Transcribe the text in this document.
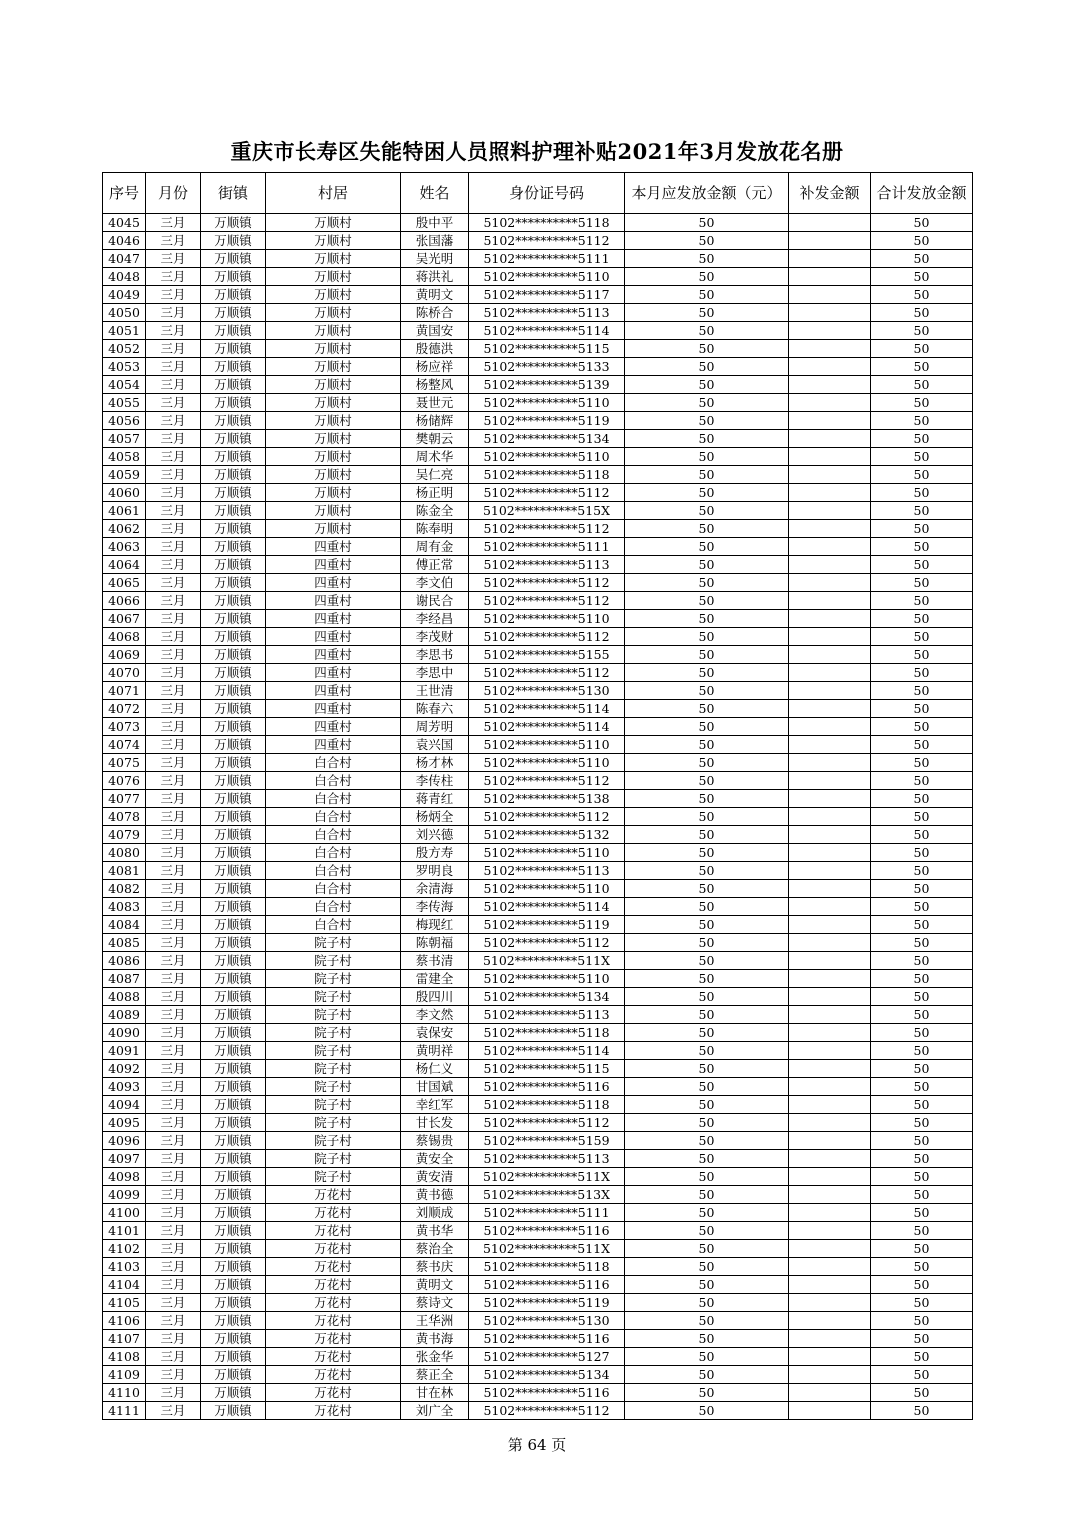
重庆市长寿区失能特困人员照料护理补贴2021年3月发放花名册
序号	月份	街镇	村居	姓名	身份证号码	本月应发放金额（元）	补发金额	合计发放金额
4045	三月	万顺镇	万顺村	殷中平	5102**********5118	50		50
4046	三月	万顺镇	万顺村	张国藩	5102**********5112	50		50
4047	三月	万顺镇	万顺村	吴光明	5102**********5111	50		50
4048	三月	万顺镇	万顺村	蒋洪礼	5102**********5110	50		50
4049	三月	万顺镇	万顺村	黄明文	5102**********5117	50		50
4050	三月	万顺镇	万顺村	陈桥合	5102**********5113	50		50
4051	三月	万顺镇	万顺村	黄国安	5102**********5114	50		50
4052	三月	万顺镇	万顺村	殷德洪	5102**********5115	50		50
4053	三月	万顺镇	万顺村	杨应祥	5102**********5133	50		50
4054	三月	万顺镇	万顺村	杨整风	5102**********5139	50		50
4055	三月	万顺镇	万顺村	聂世元	5102**********5110	50		50
4056	三月	万顺镇	万顺村	杨储辉	5102**********5119	50		50
4057	三月	万顺镇	万顺村	樊朝云	5102**********5134	50		50
4058	三月	万顺镇	万顺村	周术华	5102**********5110	50		50
4059	三月	万顺镇	万顺村	吴仁亮	5102**********5118	50		50
4060	三月	万顺镇	万顺村	杨正明	5102**********5112	50		50
4061	三月	万顺镇	万顺村	陈金全	5102**********515X	50		50
4062	三月	万顺镇	万顺村	陈奉明	5102**********5112	50		50
4063	三月	万顺镇	四重村	周有金	5102**********5111	50		50
4064	三月	万顺镇	四重村	傅正常	5102**********5113	50		50
4065	三月	万顺镇	四重村	李文伯	5102**********5112	50		50
4066	三月	万顺镇	四重村	谢民合	5102**********5112	50		50
4067	三月	万顺镇	四重村	李经昌	5102**********5110	50		50
4068	三月	万顺镇	四重村	李茂财	5102**********5112	50		50
4069	三月	万顺镇	四重村	李思书	5102**********5155	50		50
4070	三月	万顺镇	四重村	李思中	5102**********5112	50		50
4071	三月	万顺镇	四重村	王世清	5102**********5130	50		50
4072	三月	万顺镇	四重村	陈春六	5102**********5114	50		50
4073	三月	万顺镇	四重村	周芳明	5102**********5114	50		50
4074	三月	万顺镇	四重村	袁兴国	5102**********5110	50		50
4075	三月	万顺镇	白合村	杨才林	5102**********5110	50		50
4076	三月	万顺镇	白合村	李传柱	5102**********5112	50		50
4077	三月	万顺镇	白合村	蒋青红	5102**********5138	50		50
4078	三月	万顺镇	白合村	杨炳全	5102**********5112	50		50
4079	三月	万顺镇	白合村	刘兴德	5102**********5132	50		50
4080	三月	万顺镇	白合村	殷方寿	5102**********5110	50		50
4081	三月	万顺镇	白合村	罗明良	5102**********5113	50		50
4082	三月	万顺镇	白合村	余清海	5102**********5110	50		50
4083	三月	万顺镇	白合村	李传海	5102**********5114	50		50
4084	三月	万顺镇	白合村	梅现红	5102**********5119	50		50
4085	三月	万顺镇	院子村	陈朝福	5102**********5112	50		50
4086	三月	万顺镇	院子村	蔡书清	5102**********511X	50		50
4087	三月	万顺镇	院子村	雷建全	5102**********5110	50		50
4088	三月	万顺镇	院子村	殷四川	5102**********5134	50		50
4089	三月	万顺镇	院子村	李文然	5102**********5113	50		50
4090	三月	万顺镇	院子村	袁保安	5102**********5118	50		50
4091	三月	万顺镇	院子村	黄明祥	5102**********5114	50		50
4092	三月	万顺镇	院子村	杨仁义	5102**********5115	50		50
4093	三月	万顺镇	院子村	甘国斌	5102**********5116	50		50
4094	三月	万顺镇	院子村	幸红军	5102**********5118	50		50
4095	三月	万顺镇	院子村	甘长发	5102**********5112	50		50
4096	三月	万顺镇	院子村	蔡锡贵	5102**********5159	50		50
4097	三月	万顺镇	院子村	黄安全	5102**********5113	50		50
4098	三月	万顺镇	院子村	黄安清	5102**********511X	50		50
4099	三月	万顺镇	万花村	黄书德	5102**********513X	50		50
4100	三月	万顺镇	万花村	刘顺成	5102**********5111	50		50
4101	三月	万顺镇	万花村	黄书华	5102**********5116	50		50
4102	三月	万顺镇	万花村	蔡治全	5102**********511X	50		50
4103	三月	万顺镇	万花村	蔡书庆	5102**********5118	50		50
4104	三月	万顺镇	万花村	黄明文	5102**********5116	50		50
4105	三月	万顺镇	万花村	蔡诗文	5102**********5119	50		50
4106	三月	万顺镇	万花村	王华洲	5102**********5130	50		50
4107	三月	万顺镇	万花村	黄书海	5102**********5116	50		50
4108	三月	万顺镇	万花村	张金华	5102**********5127	50		50
4109	三月	万顺镇	万花村	蔡正全	5102**********5134	50		50
4110	三月	万顺镇	万花村	甘在林	5102**********5116	50		50
4111	三月	万顺镇	万花村	刘广全	5102**********5112	50		50
第 64 页
